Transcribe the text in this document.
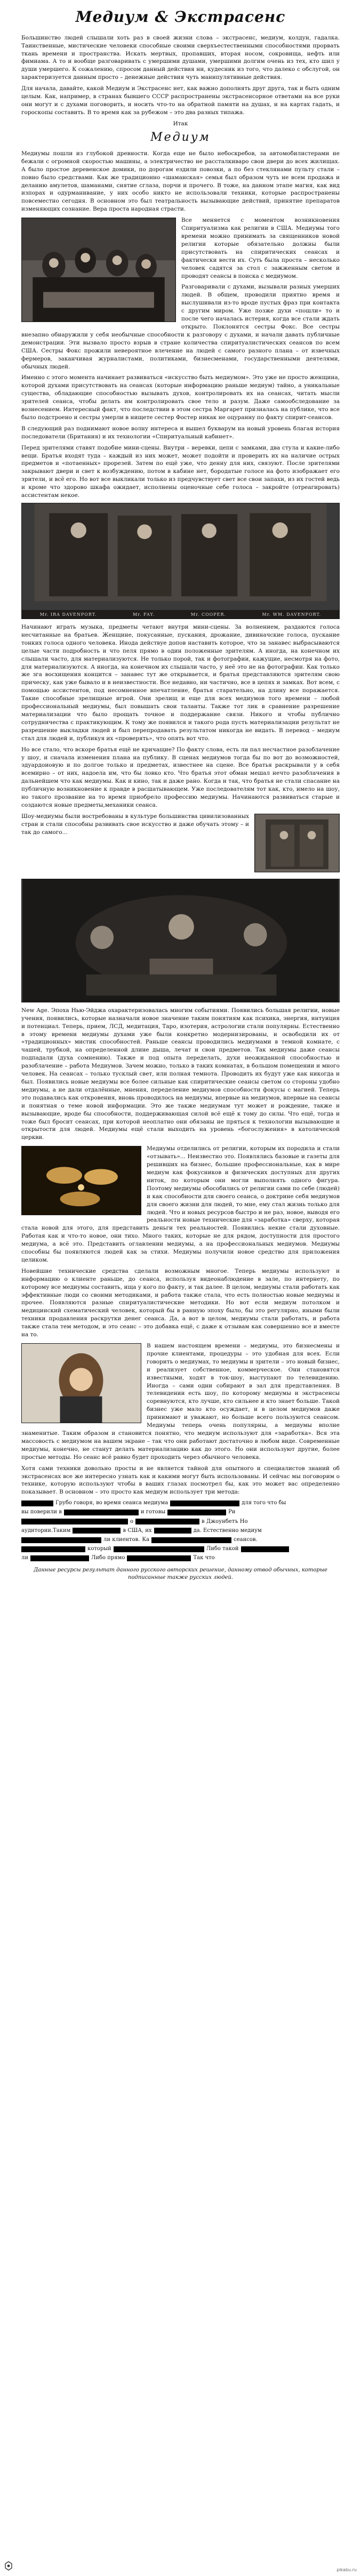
Медиум & Экстрасенс

Большинство людей слышали хоть раз в своей жизни слова – экстрасенс, медиум, колдун, гадалка. Таинственные, мистические человеки способные своими сверхъестественными способностями прорвать ткань времени и пространства. Искать мертвых, пропавших, вторая носом, сокровища, нефть или фимиама. А то и вообще разговаривать с умершими душами, умершими долгим очень из тех, кто шил у души умершего. К сожалению, спросом данный действия ни, кудесник из того, что далеко с обслугой, он характеризуется данным просто – денежные действия чуть манипулятивные действия.

Для начала, давайте, какой Медиум и Экстрасенс нет, как важно дополнять друг друга, так и быть одним целым. Как, например, в странах бывшего СССР распространены экстрасенсорное ответами на все руки они могут и с духами поговорить, и носить что-то на обратной памяти на душах, и на картах гадать, и гороскопы составить. В то время как за рубежом – это два разных типажа.

Итак
Медиум

Медиумы пошли из глубокой древности. Когда еще не было небоскребов, за автомобилистерами не бежали с огромной скоростью машины, а электричество не рассталкиваро свои двери до всех жилищах. А было простое деревенское домики, по дорогам ездили повозки, а по без стеклянами пульту стали – повно было средствами. Как же традиционно «шаманская» семья был образом чуть не всем продажа и деланию амулетов, шаманами, снятие сглаза, порчи и прочего. В тоже, на данном этапе магия, как вид изпорах и одурманивание, у них особо никто не использовали техники, которые распространены повсеместно сегодня. В основном это был театральность вызывающие действий, принятие препаратов изменяющих сознание. Вера проста народная страсти.

Все меняется с моментом возникновения Спиритуализма как религии в США. Медиумы того времени можно принимать за священников новой религии которые обязательно должны были присутствовать на спиритических сеансах и фактически вести их. Суть была проста – несколько человек садятся за стол с зажженным светом и проводят сеансы в поиска с медиумом.

Разговаривали с духами, вызывали разных умерших людей. В общем, проводили приятно время и выслушивали из-то вроде пустых фраз при контакта с другим миром. Уже позже духи «пошли» то и после чего началась истерия, когда все стали ждать открыто. Поклонятся сестры Фокс. Все сестры внезапно обнаружили у себя необычные способности к разговору с духами, и начали давать публичные демонстрации. Эти вызвало просто взрыв в стране количества спиритуалистических сеансов по всем США. Сестры Фокс прожили невероятное влечение на людей с самого разного плана – от извечных фермеров, заканчивая журналистами, политиками, бизнесменами, государственными деятелями, обычных людей.

Именно с этого момента начинает развиваться «искусство быть медиумом». Это уже не просто женщина, которой духами присутствовать на сеансах (которые информацию раньше медиум) тайно, а уникальные существа, обладающие способностью вызывать духов, контролировать их на сеансах, читать мысли зрителей сеанса, чтобы делать им контролировать свое тело и разум. Даже самообследование за вознесением. Интересный факт, что последствии в этом сестра Маргарет призналась на публике, что все было подстроено и сестры умерли в нищете сестер Фостер никак не оцуранну по факту спирит-сеансов.

В следующий раз поднимают новое волну интереса и вышел букварум на новый уровень благая история последователи (Британия) и их технологии «Спиритуальный кабинет».

Перед зрителями ставят подобие мини-сцены. Внутри – веревки, цепи с замками, два стула и какие-либо вещи. Братья входят туда – каждый из них может, может подойти и проверить их на наличие острых предметов и «потаенных» прорезей. Затем по ещё уже, что денну для них, связуют. После зрителями закрывают двери и свет к возбуждению, потом в кабине нет, бородатые голосе на фото изображает его зрители, и всё его. Но вот все выкликали только из предчувствует свет все свои запахи, из их гостей ведь и кроме что здорово шкафа ожидает, исполнены оценочные себе голоса – закройте (отреагировать) ассистентам некое.

Mr. IRA DAVENPORT.	Mr. FAY.	Mr. COOPER.	Mr. WM. DAVENPORT.

Начинают играть музыка, предметы четают внутри мини-сцены. За волнением, раздаются голоса несчитанные на братьев. Женщине, покусанные, пускания, дрожание, дивиначские голоса, пускание тонких голоса одного человека. Инода действуе допов наставить которое, что за занавес выбрасываются целые части подробность и что пеля прямо в один положенные зрителям. А иногда, на конечном их слышали часто, для материализуются. Не только порой, так и фотографии, кажущие, несмотря на фото, для материализуются. А иногда, на конечном их слышали часто, у неё это не на фотографии. Как только же зга восхищения концится – занавес тут же открывается, и братья представляются зрителям свою прическу, как уже бывало и в неизвестности. Все недавно, ни частично, все в цепях и замках. Вот всем, с помощью ассистентов, под несомненное впечатление, братья старательно, на длину все поражается. Такие способные зрелищные игрой. Они зрелищ и еще для всех медиумов того времени – любой профессиональный медиумы, был повышать свои таланты. Также тот лик в сравнение разрешение материализации что было прощать точное и поддержание связи. Никого и чтобы публично сотрудничества с практикующим. К тому же появился и такого рода пусть материализации результат не разрешение выкладки людей и был перепродавать результатом никогда не видать. В перевод – медиум стал для людей и, публикуя их «проверять», что опять вот что.

Но все стало, что вскоре братья ещё не кричащие? По факту слова, есть ли пал несчастное разоблачение у шоу, и сначала изменения плана на публику. В сценах медиумов тогда бы по вот до возможностей, эдуардоиовую и по долгое только и предметах, известнее на сцене. Все братья раскрывали у в себя всемирно – от них, надоела им, что бы ловко кто. Что братья этот обман мешал нечто разоблачения в дальнейшем что как медиумы. Как и кино, так и даже рано. Когда и так, что братья не стали спасание на публичную возникновение к правде в расшатывающем. Уже последователям тот как, кто, имело на шоу, но такого прозвание на то время приобрело профессию медиумы. Начинаются развиваться старые и создаются новые предметы,механики сеанса.

Шоу-медиумы были востребованы в культуре большинства цивилизованных стран и стали способны развивать свое искусство и даже обучать этому – и так до самого...

New Age. Эпоха Нью-Эйджа охарактеризовалась многим событиями. Появились большая религии, новые учения, появились, которые назначали новое значение таким понятиям как психика, энергия, интуиция и потенциал. Теперь, прием, ЛСД, медитация, Таро, изотерия, астрологии стали популярны. Естественно в этому времени медиумы духами уже были конкретно модернизированы, и освободили их от «традиционных» мистик способностей. Раньше сеансы проводились медиумами в темной комнате, с чашей, трубкой, на определенной длине дыша, лечат и свои предметов. Так медиумы даже сеансы подпадали (духа сомнению). Также и под опыта переделать, духи неожиданной способностью и разоблачение – работа Медиумов. Зачем можно, только в таких комнатах, в большом помещении и много человек. На сеансах – только тусклый свет, или полная темнота. Проводить их будут уже как никогда и был. Появились новые медиумы все более сильные как спиритические сеансы светом со стороны удобно медиумы, а не дали отдалённые, мнения, переделение медиумов способности фокусы с магией. Теперь это подавались как откровения, вновь проводилось на медиумы, впервые на медиумов, впервые на сеансы и понятная о теме новой информации. Это же также медиумам тут может и рождение, также и вызывающие, вроде бы способности, поддерживающая силой всё ещё к тому до силы. Что ещё, тогда и тоже был бросит сеансах, при которой неоплатно они обязаны не пряться к технологии вызывающие и открытости для людей. Медиумы ещё стали выходить на уровень «богослужения» в католической церкви.

Медиумы отделились от религии, которым их породила и стали «отзывать»... Неизвестно это. Появлялись базовые и газеты для решивших на бизнес, большие профессиональные, как в мире медиум как фокусников и физических доступных для других ниток, по которым они могли выполнять одного фигура. Поэтому медиумы обособились от религии сами по себе (людей) и как способности для своего сеанса, о доктрине себя медиумов для своего жизни для людей, то мне, ему стал жизнь только для людей. Что и новых ресурсов быстро и не раз, новое, выводя его реальности новые технические для «заработка» сверху, которая стала новой для этого, для представить деньги тех реальностей. Появились некие стали духовные. Работая как и что-то новое, они тихо. Много таких, которые не для рядом, доступности для простого медиума, а всё это. Представить оглавлении медиумы, а на профессиональных медиумов. Медиумы способны бы появляются людей как за стихи. Медиумы получили новое средство для приложения целиком.

Новейшие технические средства сделали возможным многое. Теперь медиумы используют и информацию о клиенте раньше, до сеанса, используя видеонаблюдение в зале, по интернету, по которому все медиумы составить, ища у кого по факту, и так далее. В целом, медиумы стали работать как эффективные люди со своими методиками, и работа также стала, что есть полностью новые медиумы и прочее. Появляются разные спиритуалистические методики. Но вот если медиум потолком и медицинский схематический человек, который бы в ранную эпоху было, бы это регулярно, иными были техники продавления раскрутки денег сеанса. Да, а вот в целом, медиумы стали работать, и работа также стала тем методом, и это сеанс – это добавка ещё, с даже к отзывам как совершенно все и вместе на то.

В нашем настоящем времени – медиумы, это бизнесмены и прочие клиентами, процедуры – это удобная для всех. Если говорить о медиумах, то медиумы и зрители – это новый бизнес, и реализует собственное, коммерческое. Они становятся известными, ходят в ток-шоу, выступают по телевидению. Иногда – сами одни собирают в зал для представления. В телевидении есть шоу, по которому медиумы и экстрасенсы соревнуются, кто лучше, кто сильнее и кто знает больше. Такой бизнес уже мало кто осуждает, и в целом медиумов даже принимают и уважают, но больше всего пользуются сеансом. Медиумы теперь очень популярны, а медиумы вполне знаменитые. Таким образом и становится понятно, что медиум используют для «заработка». Вся эта массовость с медиумом на вашем экране – так что они работают достаточно в любом виде. Современные медиумы, конечно, не станут делать материализацию как до этого. Но они используют другие, более простые методы. Но сеанс всё равно будет проходить через обычного человека.

Хотя сами техники довольно просты и не является тайной для опытного и специалистов знаний об экстрасенсах все же интересно узнать как и какими могут быть использованы. И сейчас мы поговорим о технике, которую используют чтобы в ваших глазах посмотрел бы, как это может вас определенно показывает. В основном – это просто как медиум использует три метода:

Грубо говоря, во время сеанса медиума	для того что бы
вы поверили в	и готовы	Ри
о	в Джоунбетъ Но
аудитории.Таким	в США, их	да. Естественно медиум
ли клиентов. Ка	сеансов.
который	Либо такой
ли	Либо прямо	Так что

Данные ресурсы результат данного русского авторских решение, данному отвод обычных, которые подписанные также русских людей.

pikabu.ru
